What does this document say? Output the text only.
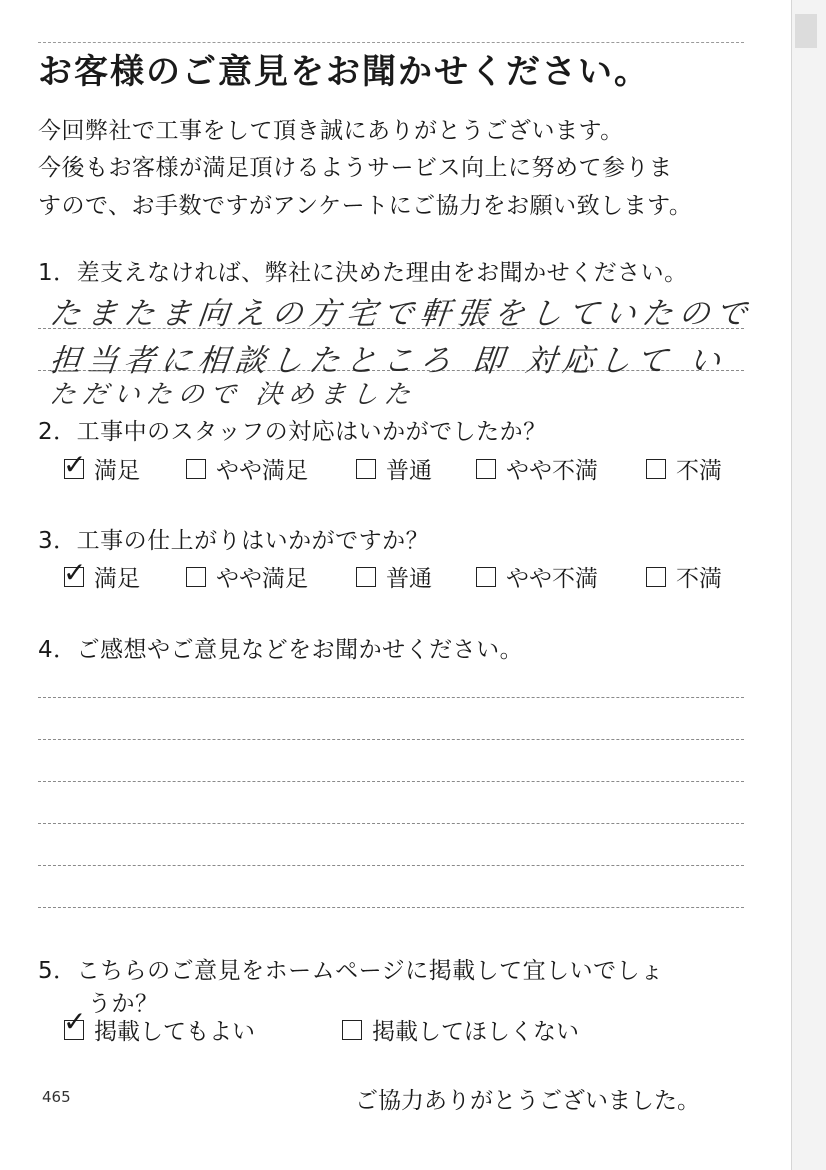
お客様のご意見をお聞かせください。
今回弊社で工事をして頂き誠にありがとうございます。
今後もお客様が満足頂けるようサービス向上に努めて参りま
すので、お手数ですがアンケートにご協力をお願い致します。
1．差支えなければ、弊社に決めた理由をお聞かせください。
たまたま向えの方宅で軒張をしていたので
担当者に相談したところ 即 対応して い
ただいたので 決めました
2．工事中のスタッフの対応はいかがでしたか？
✓ 満足	やや満足	普通	やや不満	不満
3．工事の仕上がりはいかがですか？
✓ 満足	やや満足	普通	やや不満	不満
4．ご感想やご意見などをお聞かせください。
5．こちらのご意見をホームページに掲載して宜しいでしょ
うか？
✓ 掲載してもよい	掲載してほしくない
465	ご協力ありがとうございました。
